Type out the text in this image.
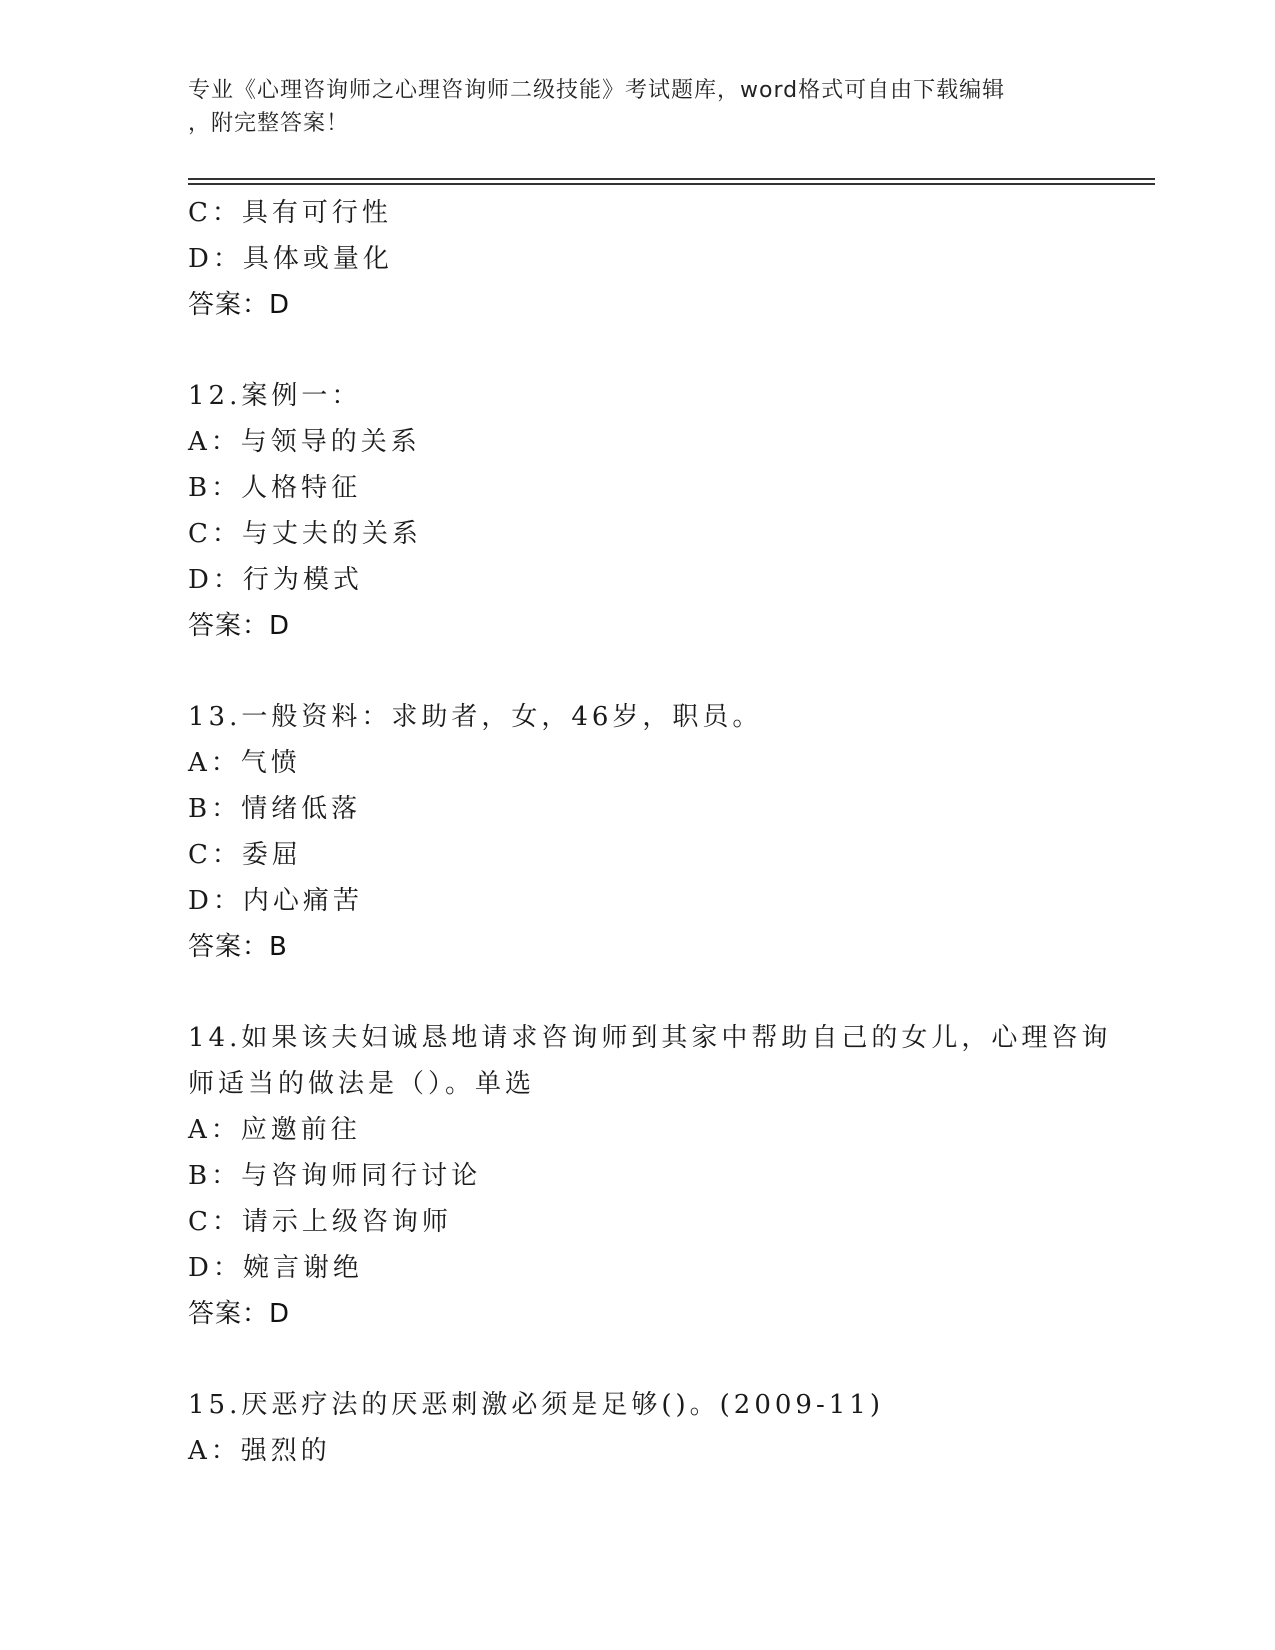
专业《心理咨询师之心理咨询师二级技能》考试题库，word格式可自由下载编辑
，附完整答案！
C：具有可行性
D：具体或量化
答案：D
12.案例一：
A：与领导的关系
B：人格特征
C：与丈夫的关系
D：行为模式
答案：D
13.一般资料：求助者，女，46岁，职员。
A：气愤
B：情绪低落
C：委屈
D：内心痛苦
答案：B
14.如果该夫妇诚恳地请求咨询师到其家中帮助自己的女儿，心理咨询
师适当的做法是（）。单选
A：应邀前往
B：与咨询师同行讨论
C：请示上级咨询师
D：婉言谢绝
答案：D
15.厌恶疗法的厌恶刺激必须是足够()。(2009-11)
A：强烈的
